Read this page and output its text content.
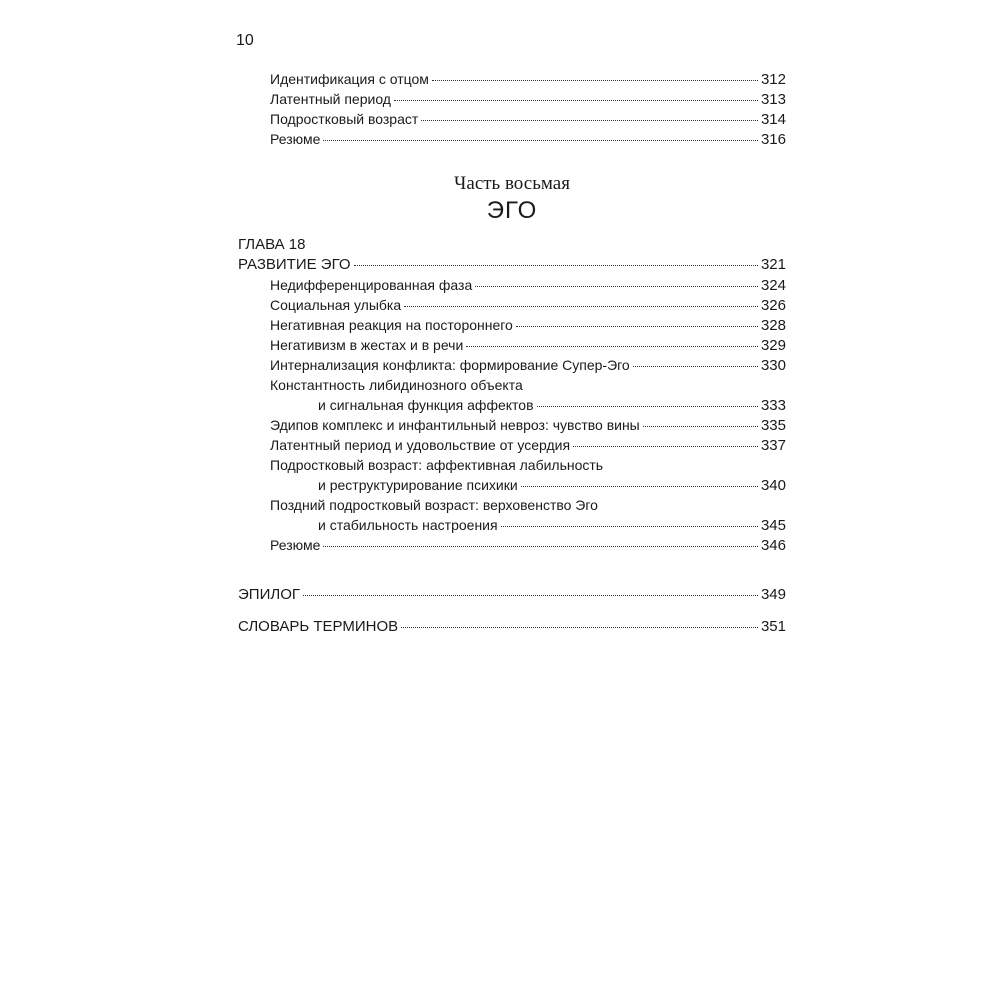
10
Идентификация с отцом	312
Латентный период	313
Подростковый возраст	314
Резюме	316
Часть восьмая
ЭГО
ГЛАВА 18
РАЗВИТИЕ ЭГО	321
Недифференцированная фаза	324
Социальная улыбка	326
Негативная реакция на постороннего	328
Негативизм в жестах и в речи	329
Интернализация конфликта: формирование Супер-Эго	330
Константность либидинозного объекта
и сигнальная функция аффектов	333
Эдипов комплекс и инфантильный невроз: чувство вины	335
Латентный период и удовольствие от усердия	337
Подростковый возраст: аффективная лабильность
и реструктурирование психики	340
Поздний подростковый возраст: верховенство Эго
и стабильность настроения	345
Резюме	346
ЭПИЛОГ	349
СЛОВАРЬ ТЕРМИНОВ	351
